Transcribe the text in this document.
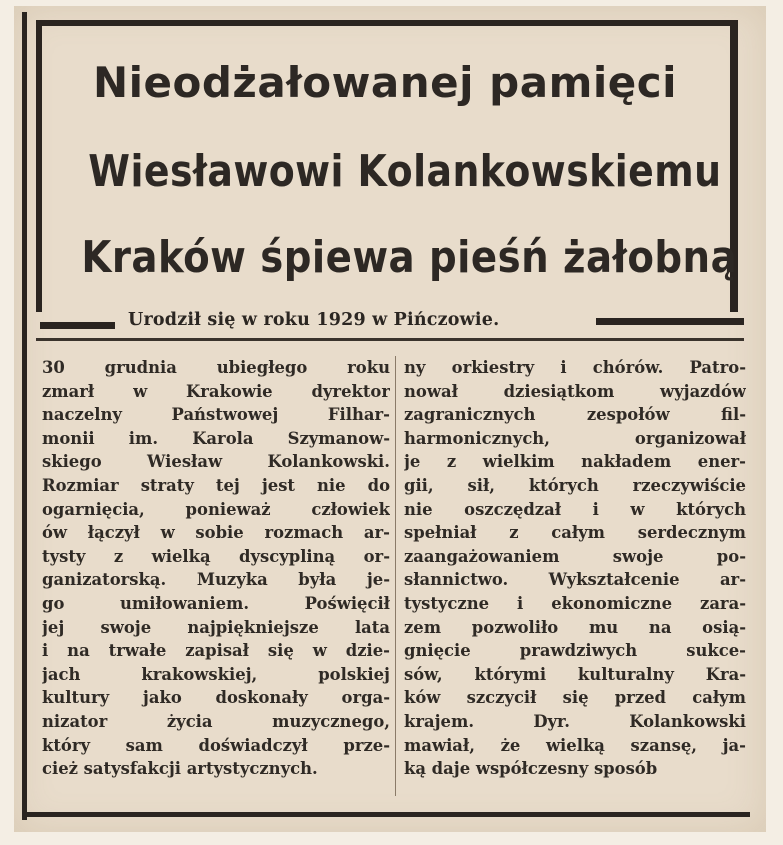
Nieodżałowanej pamięci
Wiesławowi Kolankowskiemu
Kraków śpiewa pieśń żałobną
Urodził się w roku 1929 w Pińczowie.
30 grudnia ubiegłego roku
zmarł w Krakowie dyrektor
naczelny Państwowej Filhar-
monii im. Karola Szymanow-
skiego Wiesław Kolankowski.
Rozmiar straty tej jest nie do
ogarnięcia, ponieważ człowiek
ów łączył w sobie rozmach ar-
tysty z wielką dyscypliną or-
ganizatorską. Muzyka była je-
go umiłowaniem. Poświęcił
jej swoje najpiękniejsze lata
i na trwałe zapisał się w dzie-
jach krakowskiej, polskiej
kultury jako doskonały orga-
nizator życia muzycznego,
który sam doświadczył prze-
cież satysfakcji artystycznych.
ny orkiestry i chórów. Patro-
nował dziesiątkom wyjazdów
zagranicznych zespołów fil-
harmonicznych, organizował
je z wielkim nakładem ener-
gii, sił, których rzeczywiście
nie oszczędzał i w których
spełniał z całym serdecznym
zaangażowaniem swoje po-
słannictwo. Wykształcenie ar-
tystyczne i ekonomiczne zara-
zem pozwoliło mu na osią-
gnięcie prawdziwych sukce-
sów, którymi kulturalny Kra-
ków szczycił się przed całym
krajem. Dyr. Kolankowski
mawiał, że wielką szansę, ja-
ką daje współczesny sposób
